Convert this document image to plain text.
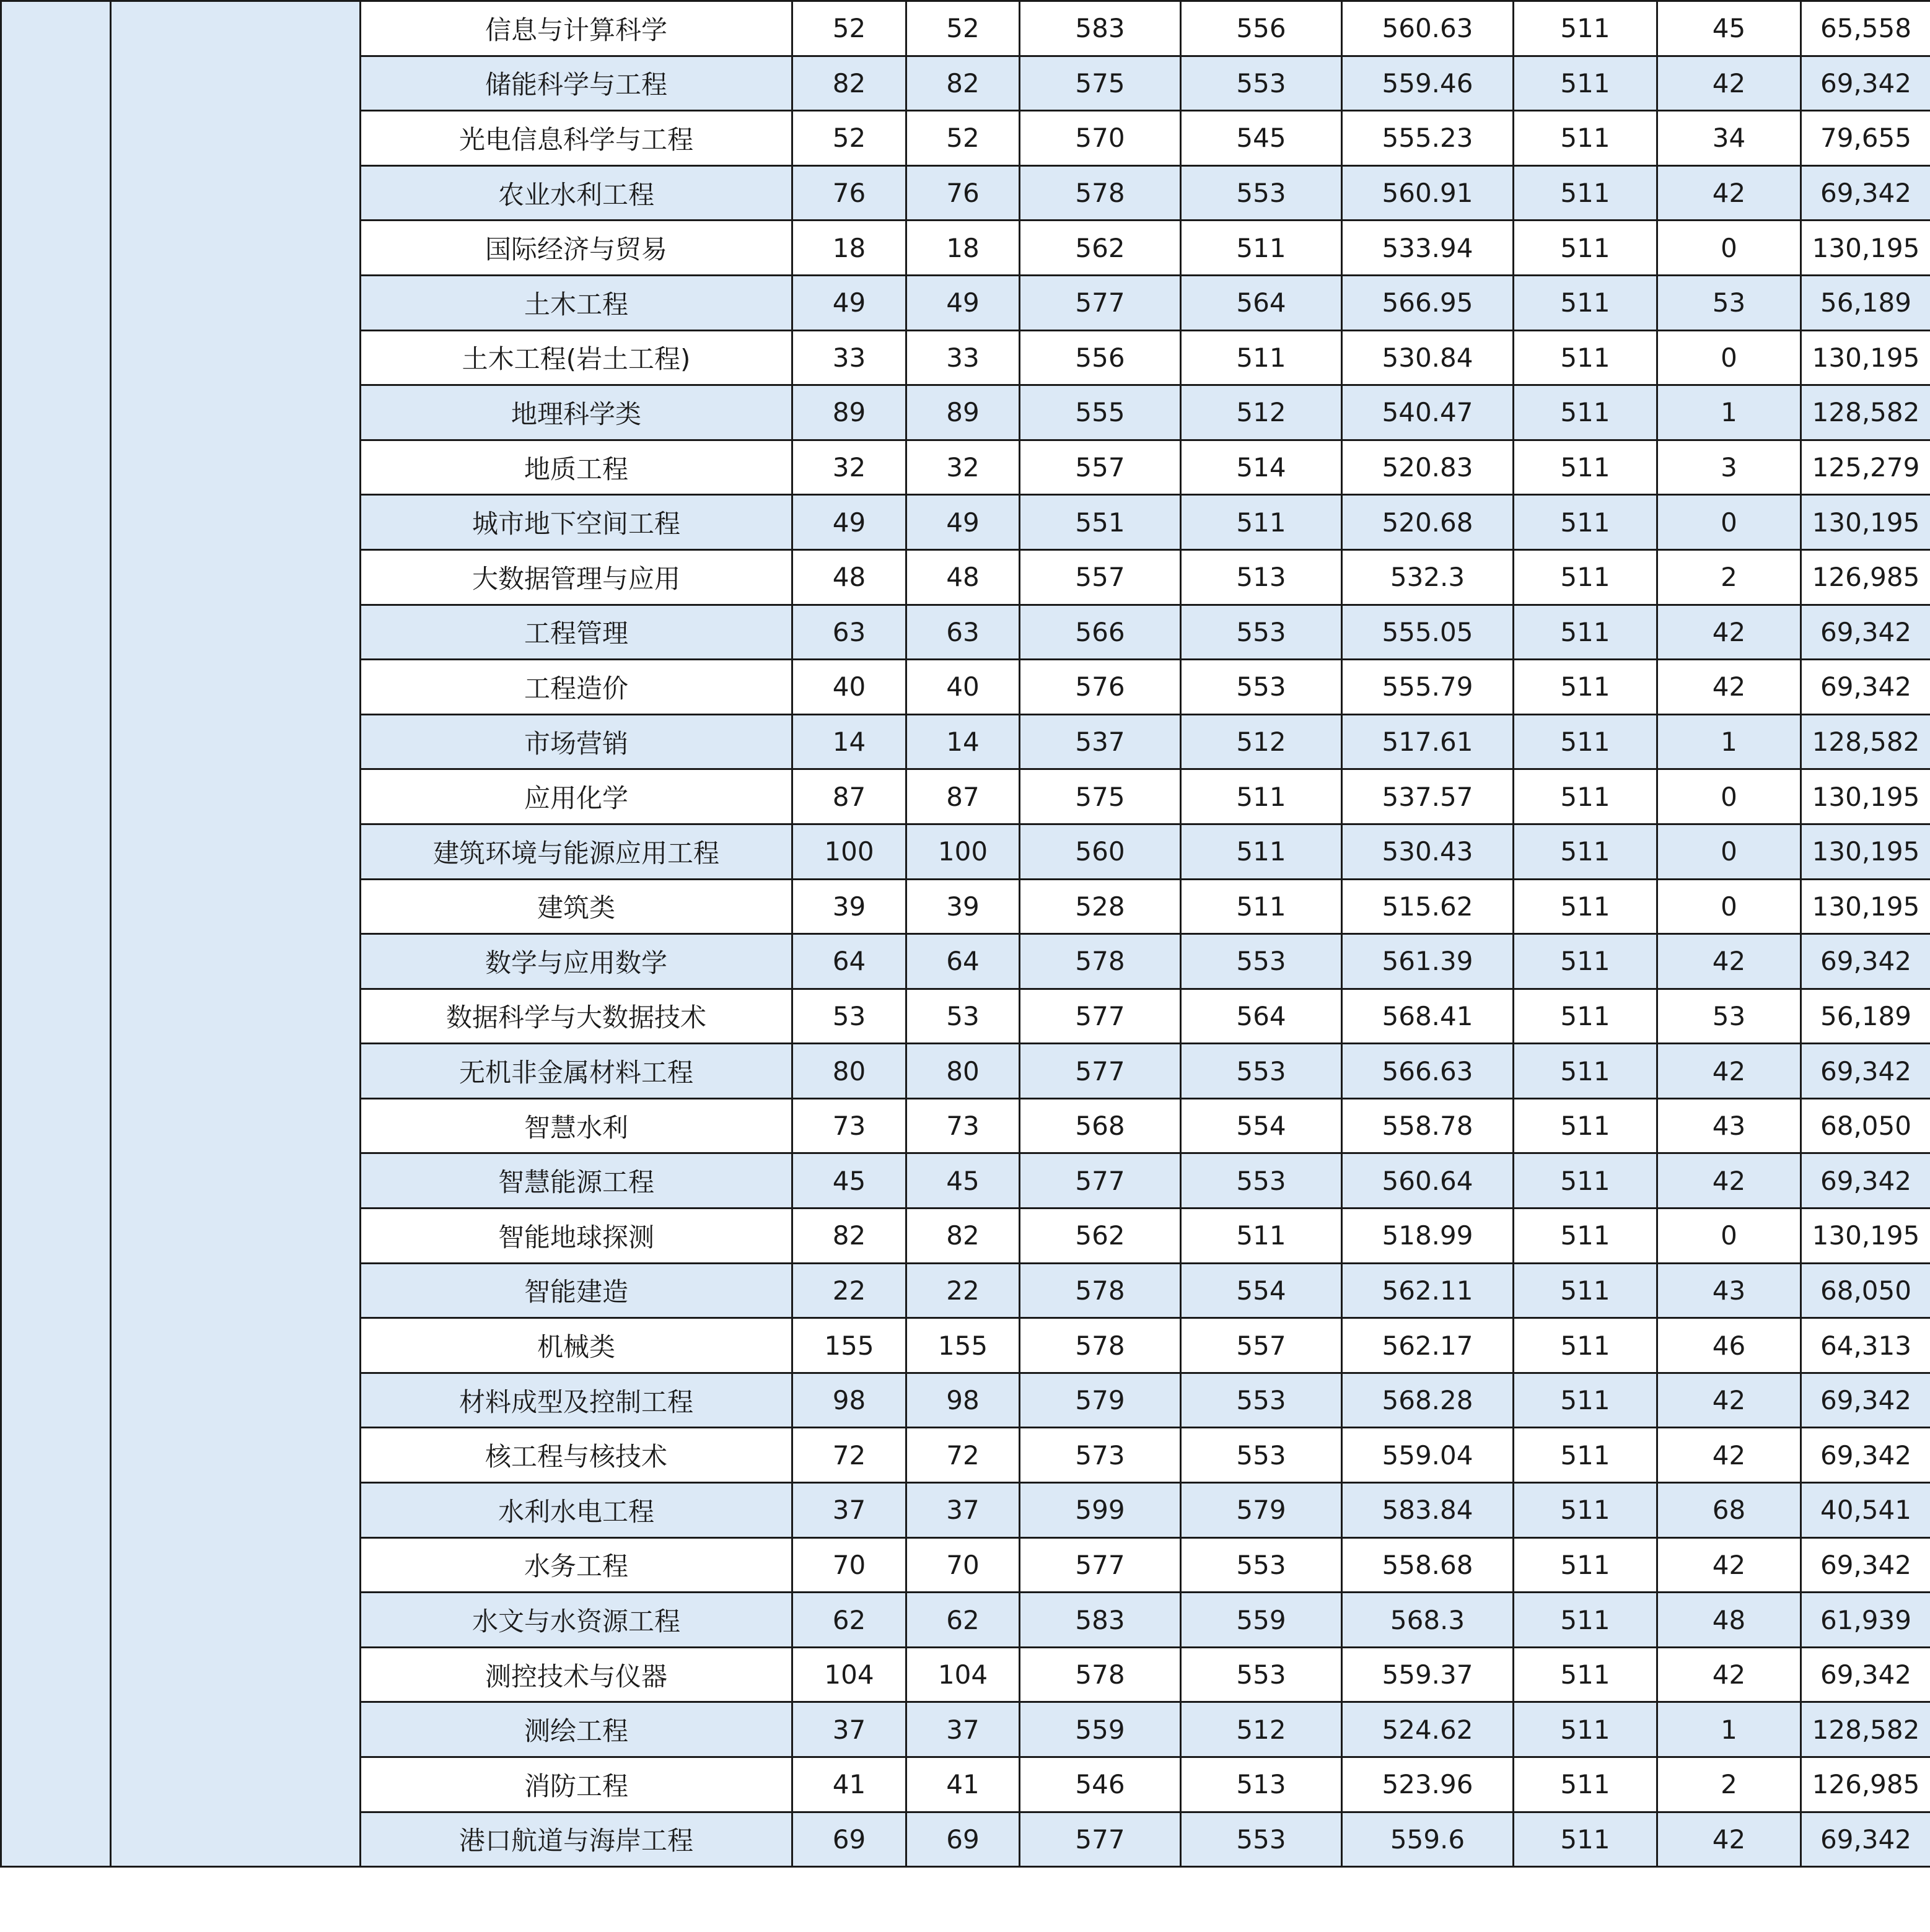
		信息与计算科学	52	52	583	556	560.63	511	45	65,558
		储能科学与工程	82	82	575	553	559.46	511	42	69,342
		光电信息科学与工程	52	52	570	545	555.23	511	34	79,655
		农业水利工程	76	76	578	553	560.91	511	42	69,342
		国际经济与贸易	18	18	562	511	533.94	511	0	130,195
		土木工程	49	49	577	564	566.95	511	53	56,189
		土木工程(岩土工程)	33	33	556	511	530.84	511	0	130,195
		地理科学类	89	89	555	512	540.47	511	1	128,582
		地质工程	32	32	557	514	520.83	511	3	125,279
		城市地下空间工程	49	49	551	511	520.68	511	0	130,195
		大数据管理与应用	48	48	557	513	532.3	511	2	126,985
		工程管理	63	63	566	553	555.05	511	42	69,342
		工程造价	40	40	576	553	555.79	511	42	69,342
		市场营销	14	14	537	512	517.61	511	1	128,582
		应用化学	87	87	575	511	537.57	511	0	130,195
		建筑环境与能源应用工程	100	100	560	511	530.43	511	0	130,195
		建筑类	39	39	528	511	515.62	511	0	130,195
		数学与应用数学	64	64	578	553	561.39	511	42	69,342
		数据科学与大数据技术	53	53	577	564	568.41	511	53	56,189
		无机非金属材料工程	80	80	577	553	566.63	511	42	69,342
		智慧水利	73	73	568	554	558.78	511	43	68,050
		智慧能源工程	45	45	577	553	560.64	511	42	69,342
		智能地球探测	82	82	562	511	518.99	511	0	130,195
		智能建造	22	22	578	554	562.11	511	43	68,050
		机械类	155	155	578	557	562.17	511	46	64,313
		材料成型及控制工程	98	98	579	553	568.28	511	42	69,342
		核工程与核技术	72	72	573	553	559.04	511	42	69,342
		水利水电工程	37	37	599	579	583.84	511	68	40,541
		水务工程	70	70	577	553	558.68	511	42	69,342
		水文与水资源工程	62	62	583	559	568.3	511	48	61,939
		测控技术与仪器	104	104	578	553	559.37	511	42	69,342
		测绘工程	37	37	559	512	524.62	511	1	128,582
		消防工程	41	41	546	513	523.96	511	2	126,985
		港口航道与海岸工程	69	69	577	553	559.6	511	42	69,342
